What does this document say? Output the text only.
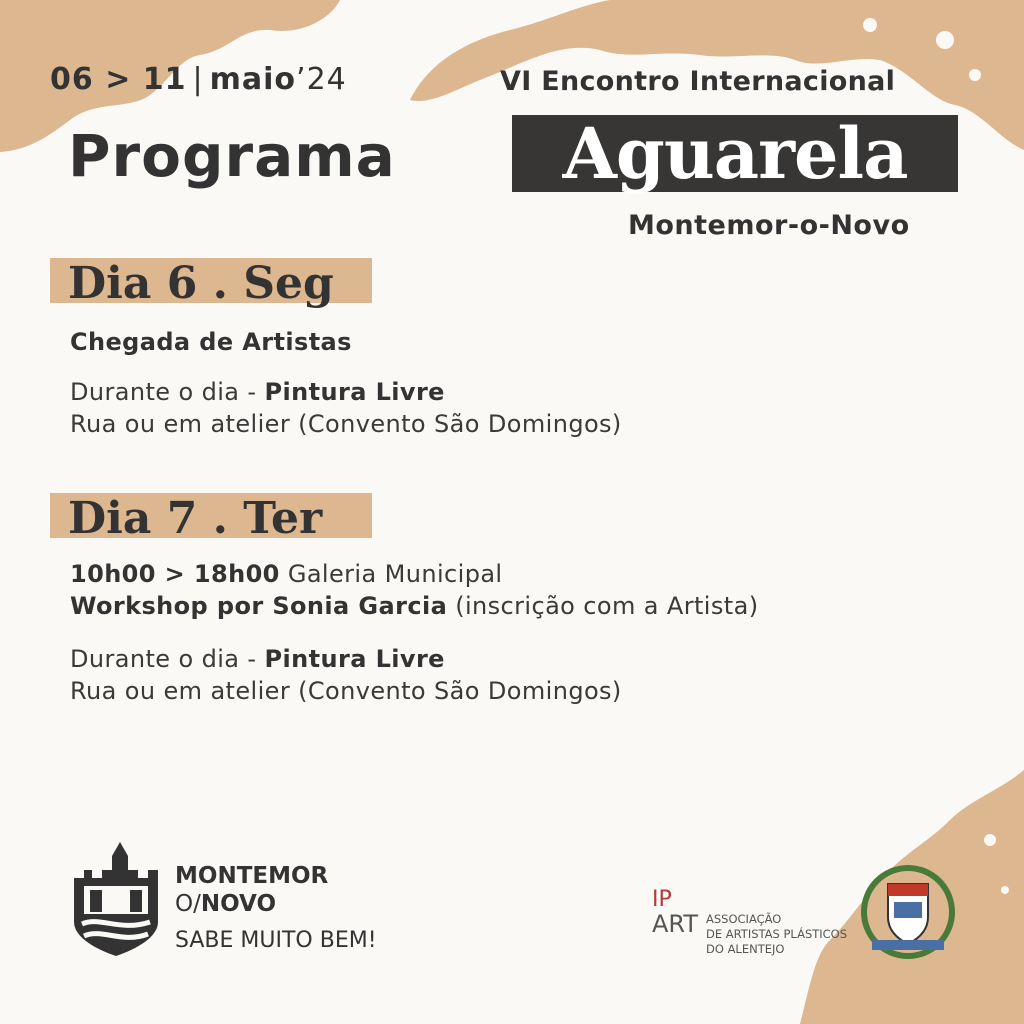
06 > 11 | maio’24
Programa
VI Encontro Internacional
Aguarela
Montemor-o-Novo
Dia 6 . Seg
Chegada de Artistas
Durante o dia - Pintura Livre
Rua ou em atelier (Convento São Domingos)
Dia 7 . Ter
10h00 > 18h00 Galeria Municipal
Workshop por Sonia Garcia (inscrição com a Artista)
Durante o dia - Pintura Livre
Rua ou em atelier (Convento São Domingos)
MONTEMOR
O/NOVO
SABE MUITO BEM!
IP
ART ASSOCIAÇÃO
DE ARTISTAS PLÁSTICOS
DO ALENTEJO
